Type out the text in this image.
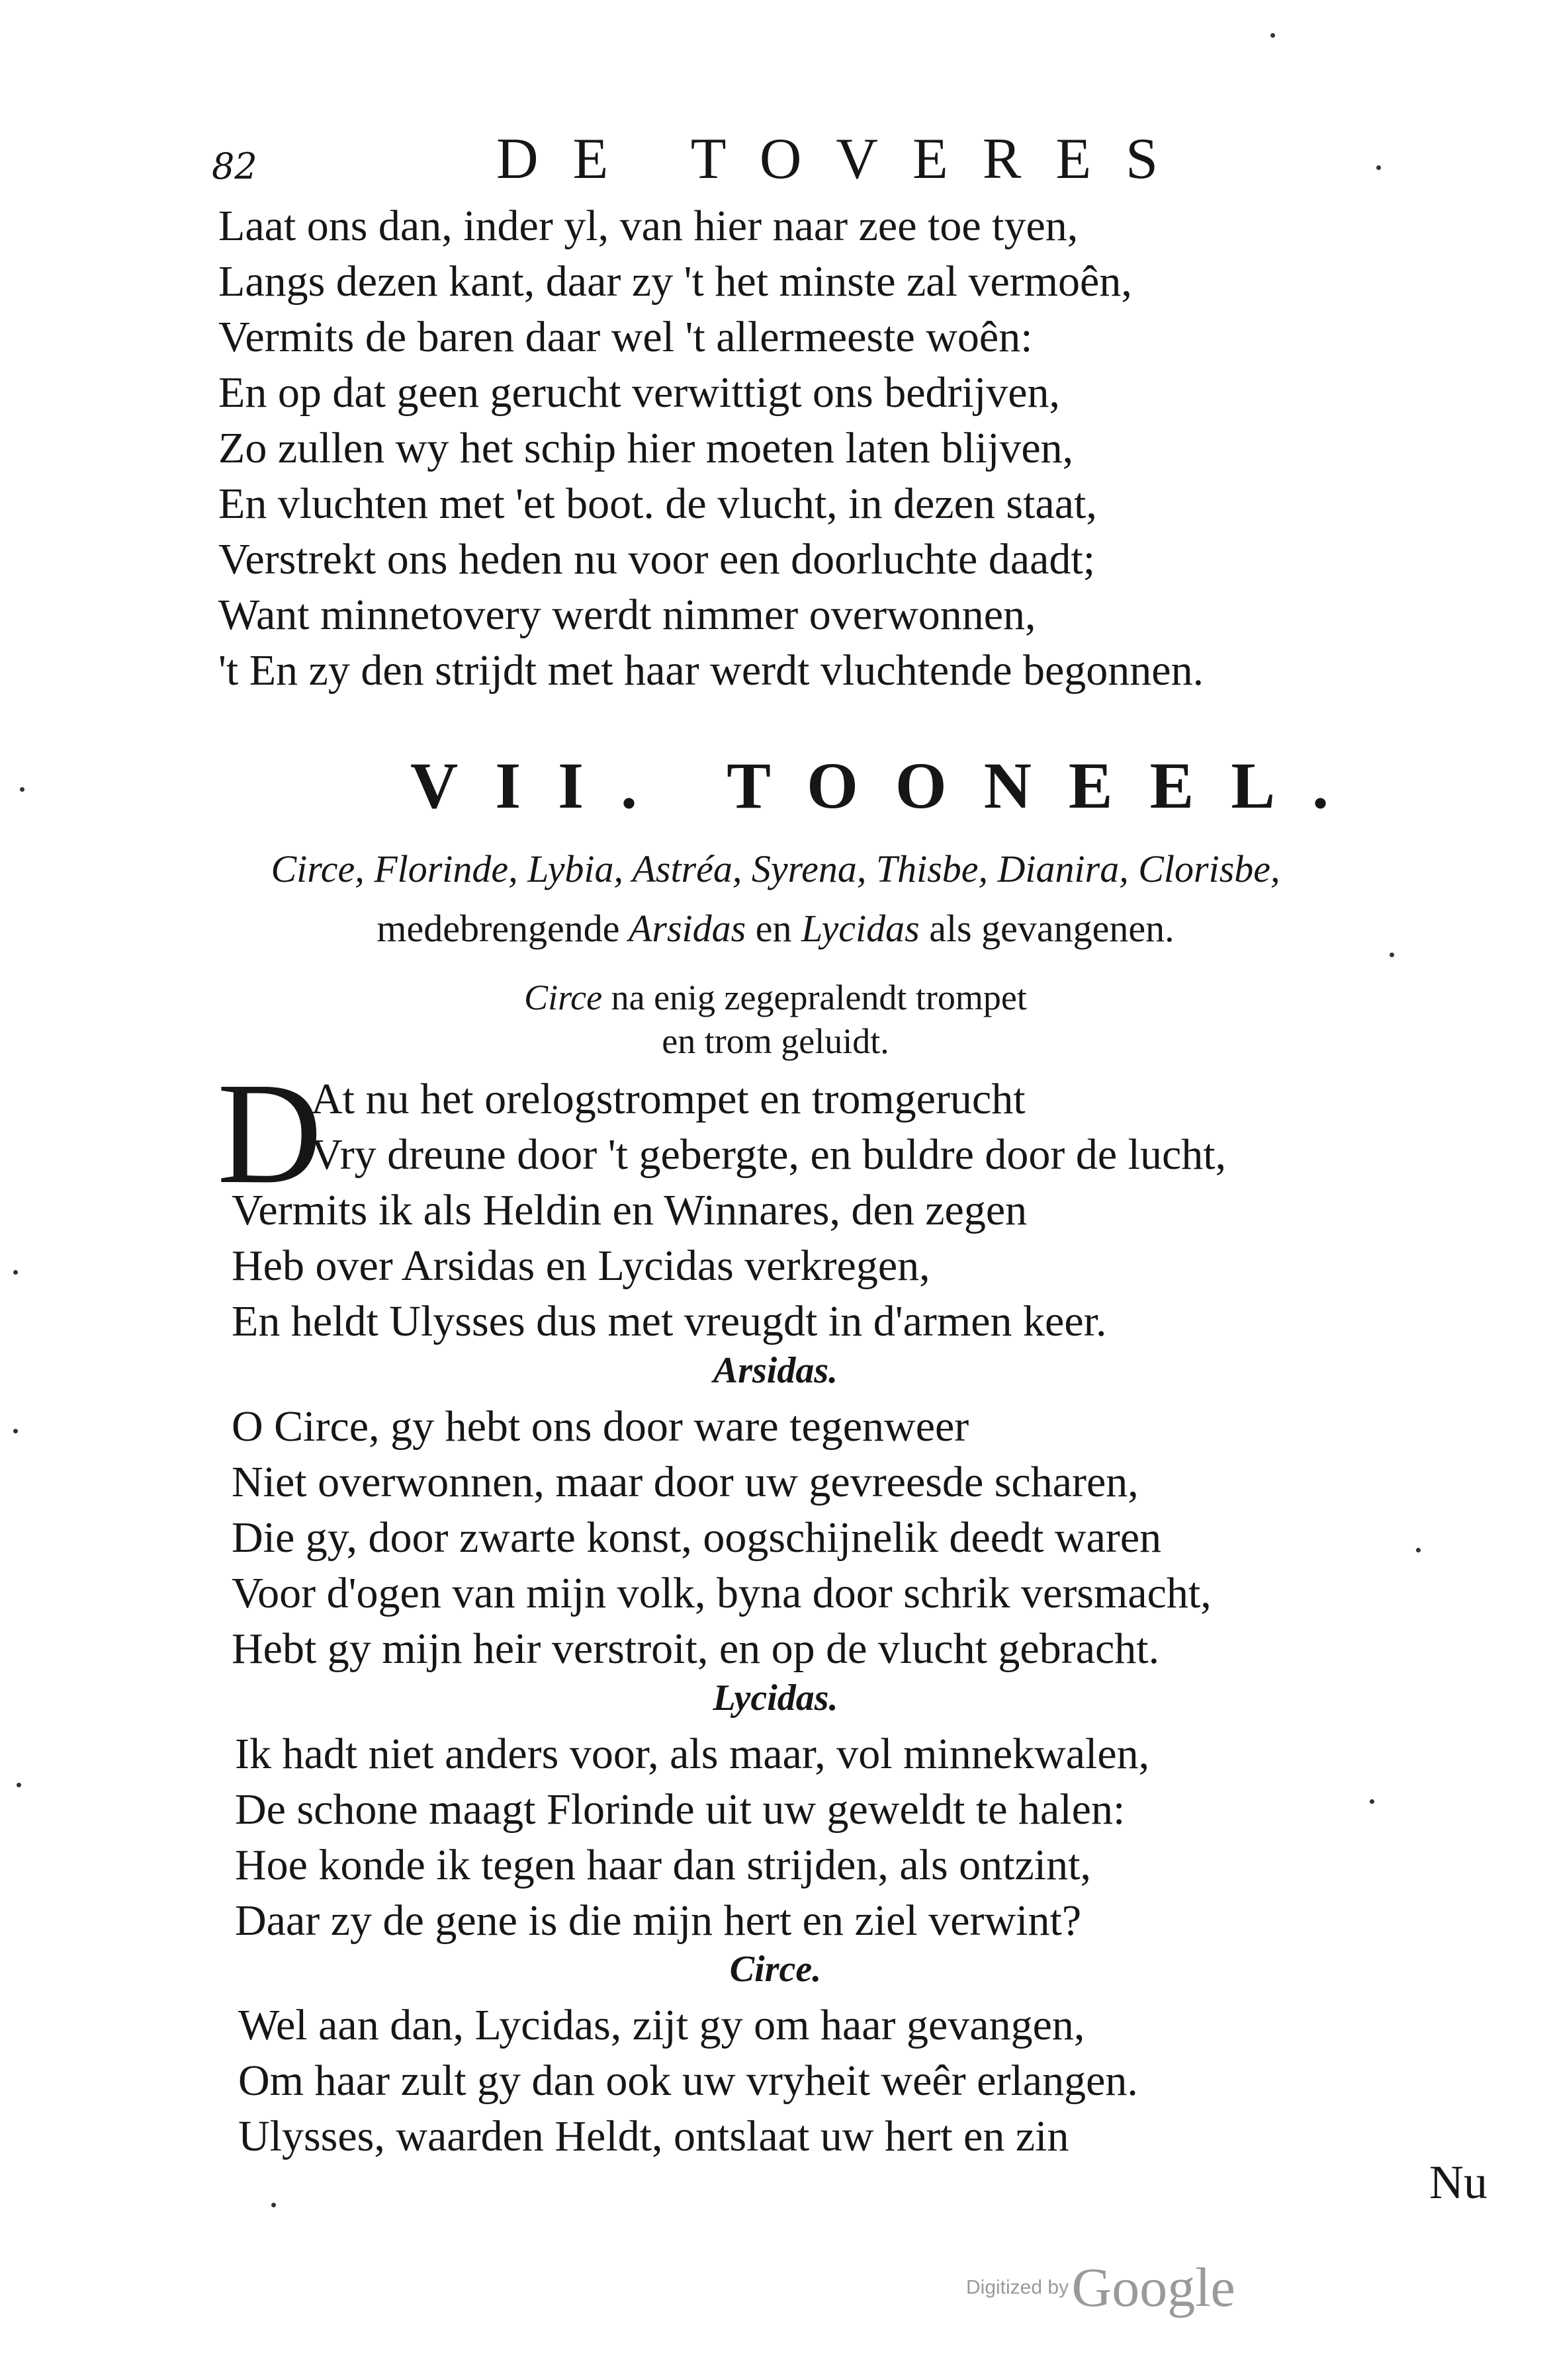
82	DE TOVERES
Laat ons dan, inder yl, van hier naar zee toe tyen,
Langs dezen kant, daar zy 't het minste zal vermoên,
Vermits de baren daar wel 't allermeeste woên:
En op dat geen gerucht verwittigt ons bedrijven,
Zo zullen wy het schip hier moeten laten blijven,
En vluchten met 'et boot. de vlucht, in dezen staat,
Verstrekt ons heden nu voor een doorluchte daadt;
Want minnetovery werdt nimmer overwonnen,
't En zy den strijdt met haar werdt vluchtende begonnen.
VII. TOONEEL.
Circe, Florinde, Lybia, Astréa, Syrena, Thisbe, Dianira, Clorisbe,
medebrengende Arsidas en Lycidas als gevangenen.
Circe na enig zegepralendt trompet
en trom geluidt.
D
At nu het orelogstrompet en tromgerucht
Vry dreune door 't gebergte, en buldre door de lucht,
Vermits ik als Heldin en Winnares, den zegen
Heb over Arsidas en Lycidas verkregen,
En heldt Ulysses dus met vreugdt in d'armen keer.
Arsidas.
O Circe, gy hebt ons door ware tegenweer
Niet overwonnen, maar door uw gevreesde scharen,
Die gy, door zwarte konst, oogschijnelik deedt waren
Voor d'ogen van mijn volk, byna door schrik versmacht,
Hebt gy mijn heir verstroit, en op de vlucht gebracht.
Lycidas.
Ik hadt niet anders voor, als maar, vol minnekwalen,
De schone maagt Florinde uit uw geweldt te halen:
Hoe konde ik tegen haar dan strijden, als ontzint,
Daar zy de gene is die mijn hert en ziel verwint?
Circe.
Wel aan dan, Lycidas, zijt gy om haar gevangen,
Om haar zult gy dan ook uw vryheit weêr erlangen.
Ulysses, waarden Heldt, ontslaat uw hert en zin
Nu
Digitized by Google
